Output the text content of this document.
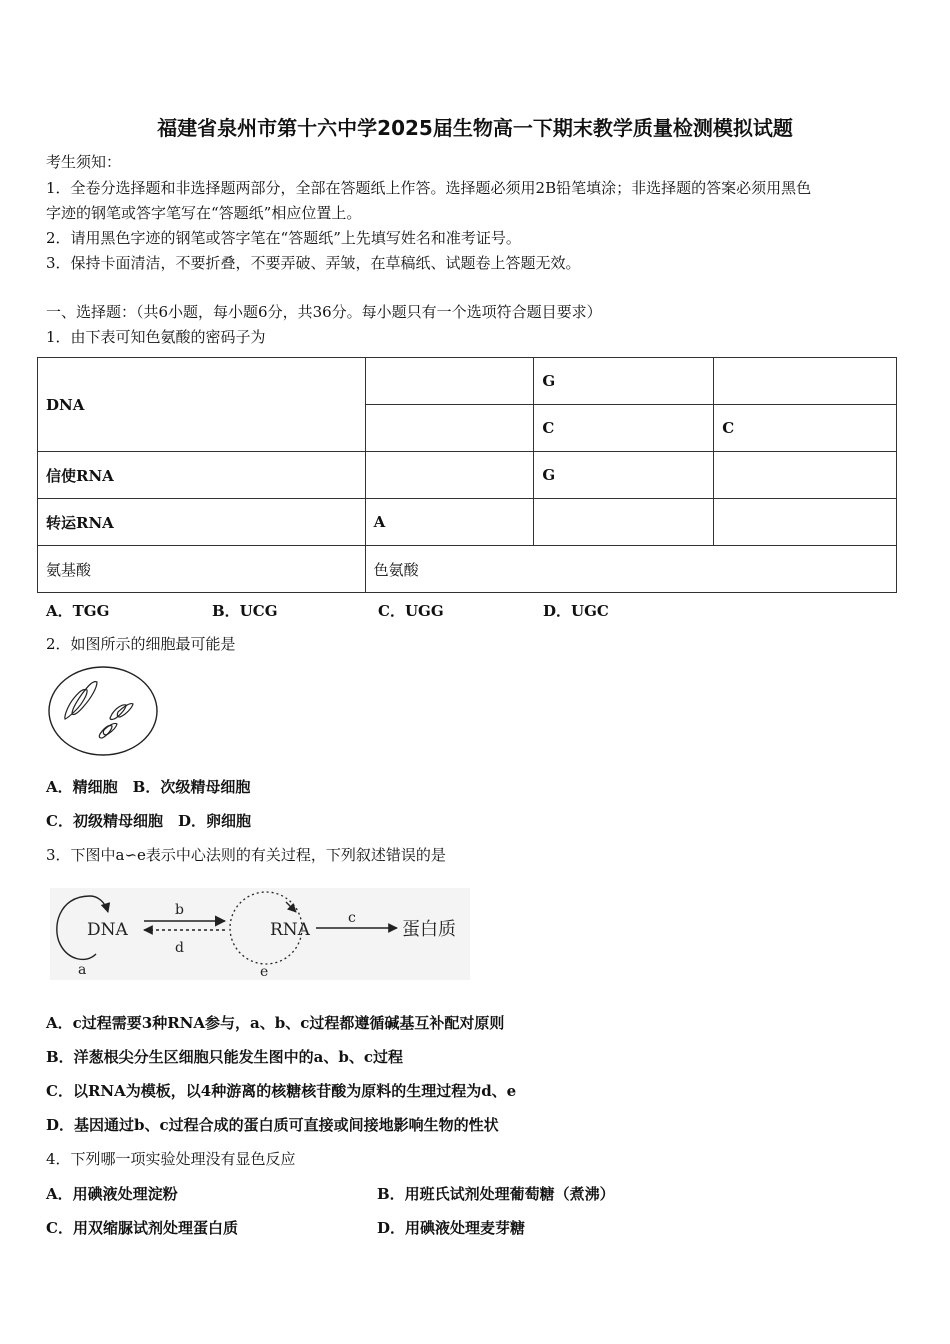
福建省泉州市第十六中学2025届生物高一下期末教学质量检测模拟试题
考生须知：
1．全卷分选择题和非选择题两部分，全部在答题纸上作答。选择题必须用2B铅笔填涂；非选择题的答案必须用黑色
字迹的钢笔或答字笔写在“答题纸”相应位置上。
2．请用黑色字迹的钢笔或答字笔在“答题纸”上先填写姓名和准考证号。
3．保持卡面清洁，不要折叠，不要弄破、弄皱，在草稿纸、试题卷上答题无效。
一、选择题：（共6小题，每小题6分，共36分。每小题只有一个选项符合题目要求）
1．由下表可知色氨酸的密码子为
DNA		G	
		C	C
信使RNA		G	
转运RNA	A		
氨基酸	色氨酸		
A．TGG	B．UCG	C．UGG	D．UGC
2．如图所示的细胞最可能是
A．精细胞　B．次级精母细胞
C．初级精母细胞　D．卵细胞
3．下图中a∽e表示中心法则的有关过程，下列叙述错误的是
DNA
a
b
d
RNA
e
c
蛋白质
A．c过程需要3种RNA参与，a、b、c过程都遵循碱基互补配对原则
B．洋葱根尖分生区细胞只能发生图中的a、b、c过程
C．以RNA为模板，以4种游离的核糖核苷酸为原料的生理过程为d、e
D．基因通过b、c过程合成的蛋白质可直接或间接地影响生物的性状
4．下列哪一项实验处理没有显色反应
A．用碘液处理淀粉	B．用班氏试剂处理葡萄糖（煮沸）
C．用双缩脲试剂处理蛋白质	D．用碘液处理麦芽糖
